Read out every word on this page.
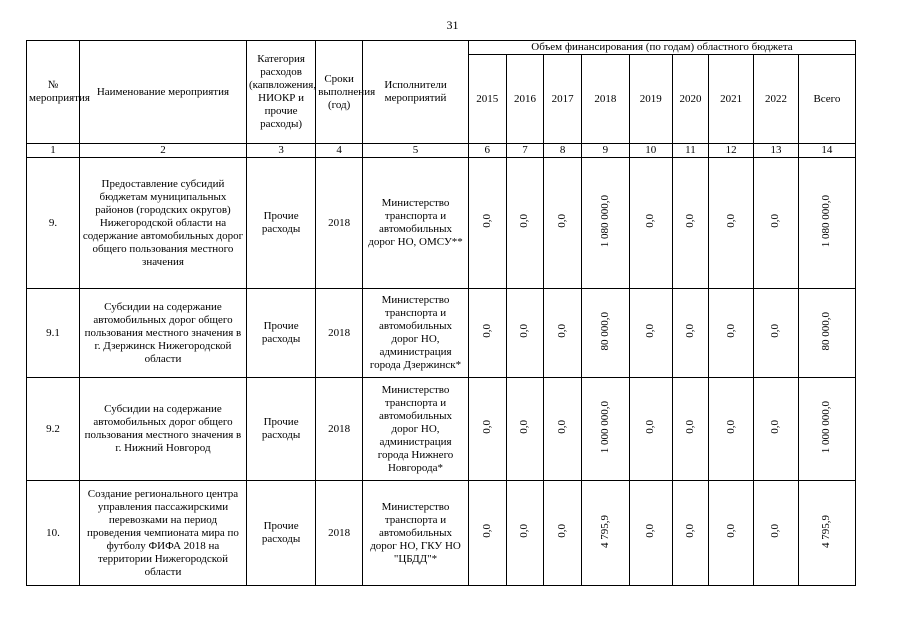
31
№ мероприятия	Наименование мероприятия	Категория расходов (капвложения, НИОКР и прочие расходы)	Сроки выполнения (год)	Исполнители мероприятий	Объем финансирования (по годам) областного бюджета								
					2015	2016	2017	2018	2019	2020	2021	2022	Всего
1	2	3	4	5	6	7	8	9	10	11	12	13	14
9.	Предоставление субсидий бюджетам муниципальных районов (городских округов) Нижегородской области на содержание автомобильных дорог общего пользования местного значения	Прочие расходы	2018	Министерство транспорта и автомобильных дорог НО, ОМСУ**	0,0	0,0	0,0	1 080 000,0	0,0	0,0	0,0	0,0	1 080 000,0
9.1	Субсидии на содержание автомобильных дорог общего пользования местного значения в г. Дзержинск Нижегородской области	Прочие расходы	2018	Министерство транспорта и автомобильных дорог НО, администрация города Дзержинск*	0,0	0,0	0,0	80 000,0	0,0	0,0	0,0	0,0	80 000,0
9.2	Субсидии на содержание автомобильных дорог общего пользования местного значения в г. Нижний Новгород	Прочие расходы	2018	Министерство транспорта и автомобильных дорог НО, администрация города Нижнего Новгорода*	0,0	0,0	0,0	1 000 000,0	0,0	0,0	0,0	0,0	1 000 000,0
10.	Создание регионального центра управления пассажирскими перевозками на период проведения чемпионата мира по футболу ФИФА 2018 на территории Нижегородской области	Прочие расходы	2018	Министерство транспорта и автомобильных дорог НО, ГКУ НО "ЦБДД"*	0,0	0,0	0,0	4 795,9	0,0	0,0	0,0	0,0	4 795,9
